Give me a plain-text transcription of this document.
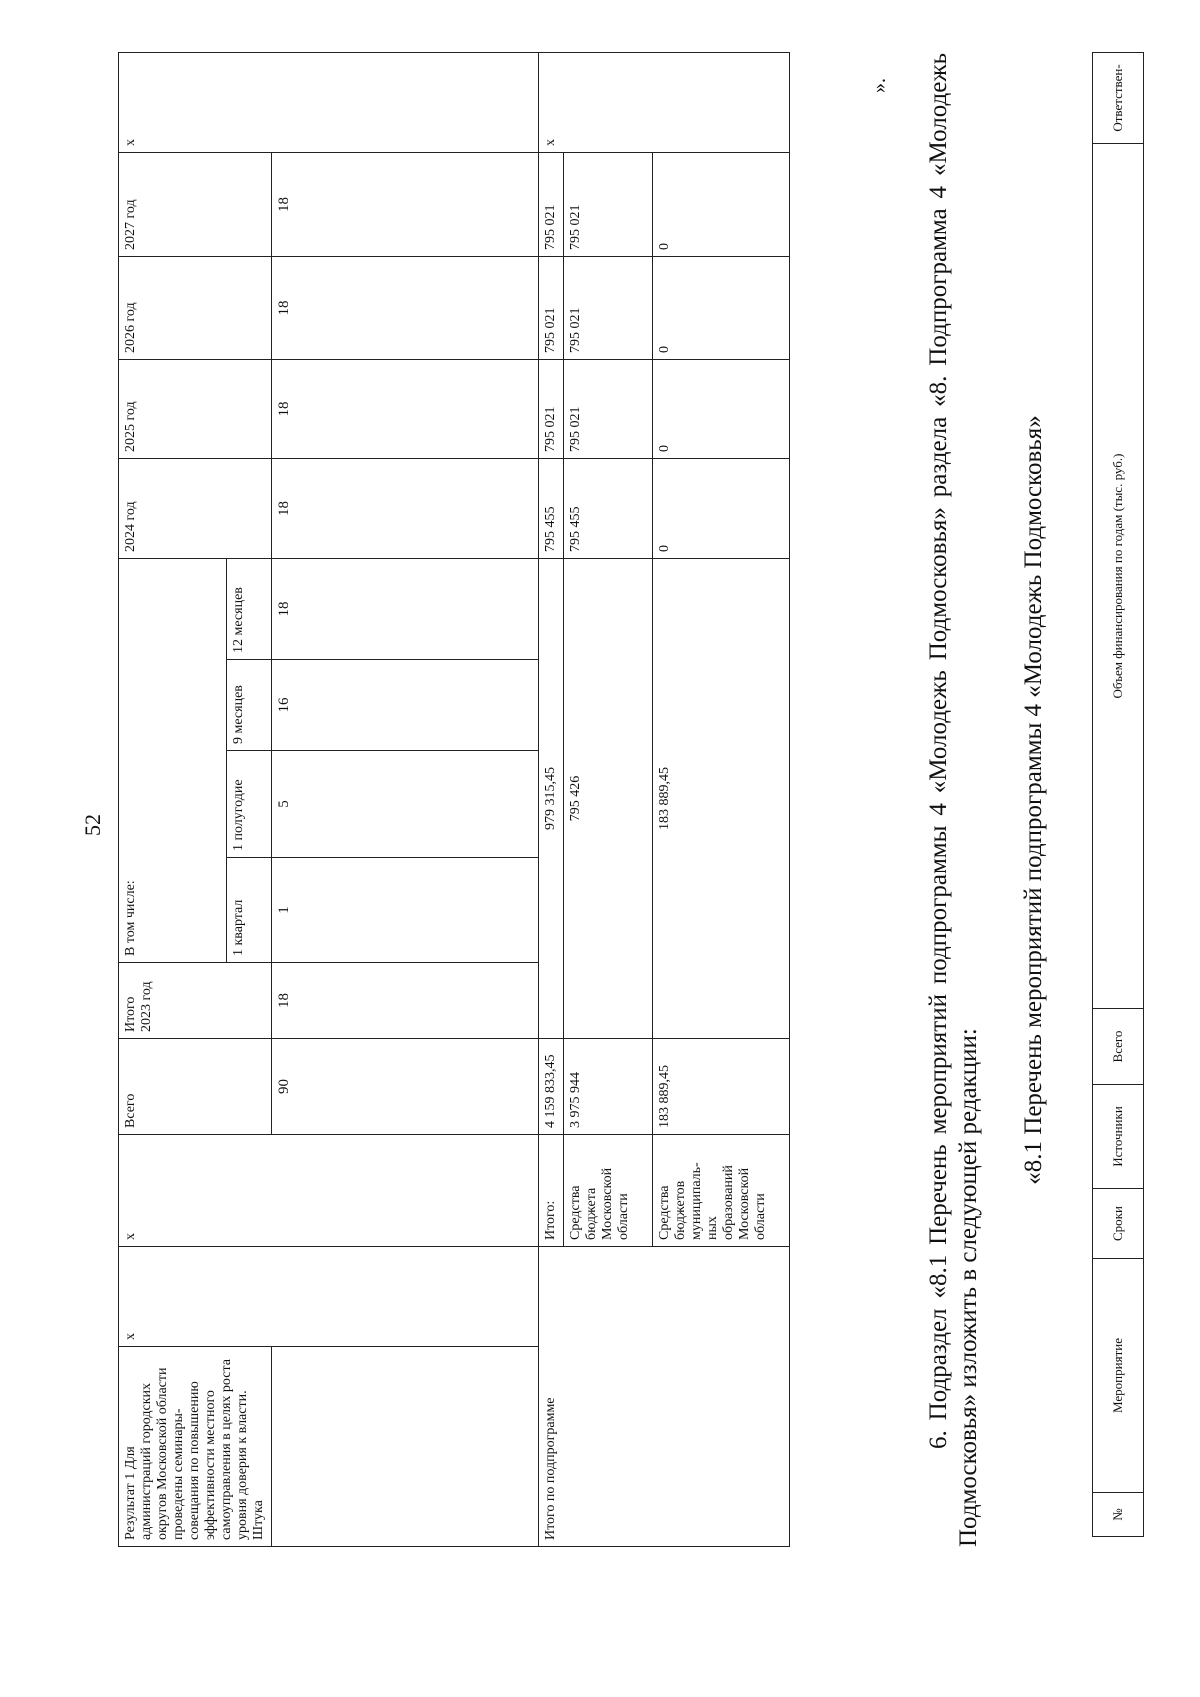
52
Результат 1 Для администраций городских округов Московской области проведены семинары-совещания по повышению эффективности местного самоуправления в целях роста уровня доверия к власти. Штука	х	х	Всего	Итого 2023 год	В том числе:				2024 год	2025 год	2026 год	2027 год	х
					1 квартал	1 полугодие	9 месяцев	12 месяцев					
			90	18	1	5	16	18	18	18	18	18	
Итого по подпрограмме		Итого:	4 159 833,45	979 315,45					795 455	795 021	795 021	795 021	х
		Средства бюджета Московской области	3 975 944	795 426					795 455	795 021	795 021	795 021	
		Средства бюджетов муниципаль-ных образований Московской области	183 889,45	183 889,45					0	0	0	0	
». 6. Подраздел «8.1 Перечень мероприятий подпрограммы 4 «Молодежь Подмосковья» раздела «8. Подпрограмма 4 «Молодежь Подмосковья» изложить в следующей редакции:
«8.1 Перечень мероприятий подпрограммы 4 «Молодежь Подмосковья»
№	Мероприятие	Сроки	Источники	Всего	Объем финансирования по годам (тыс. руб.)	Ответствен-
